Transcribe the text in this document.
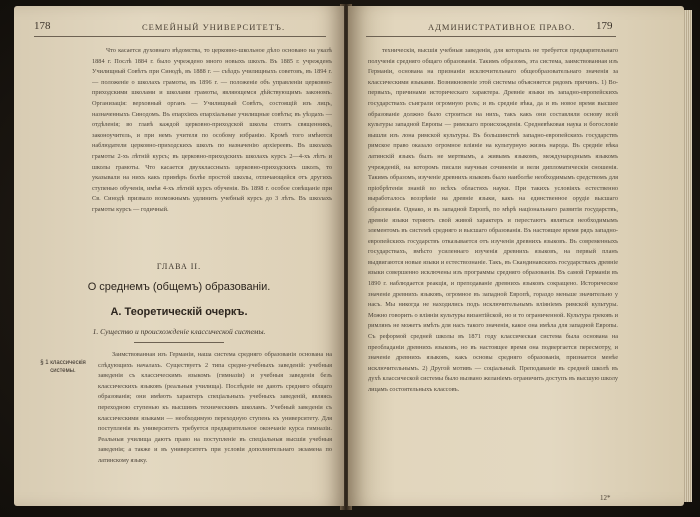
178	СЕМЕЙНЫЙ УНИВЕРСИТЕТЪ.

Что касается духовнаго вѣдомства, то церковно-школьное дѣло основано на указѣ 1884 г. Послѣ 1884 г. было учреждено много новыхъ школъ. Въ 1885 г. учрежденъ Училищный Совѣтъ при Синодѣ, въ 1888 г. — съѣздъ училищныхъ советовъ, въ 1894 г. — положеніе о школахъ грамоты, въ 1896 г. — положеніе объ управленіи церковно-приходскими школами и школами грамоты, являющемся дѣйствующимъ закономъ. Организація: верховный органъ — Училищный Совѣтъ, состоящій изъ лицъ, назначенныхъ Синодомъ. Въ епархіяхъ епархіальные училищные совѣты; въ уѣздахъ — отдѣленія; во главѣ каждой церковно-приходской школы стоитъ священникъ, законоучитель, и при немъ учителя по особому избранію. Кромѣ того имѣются наблюдатели церковно-приходскихъ школъ по назначенію архіереевъ. Въ школахъ грамоты 2-хъ лѣтній курсъ; въ церковно-приходскихъ школахъ курсъ 2—4-хъ лѣтъ и школы грамоты. Что касается двухклассныхъ церковно-приходскихъ школъ, то указывали на нихъ какъ примѣръ болѣе простой школы, отличающейся отъ другихъ ступенью обученія, имѣя 4-хъ лѣтній курсъ обученія. Въ 1898 г. особое совѣщаніе при Св. Синодѣ призвало возможнымъ удлинить учебный курсъ до 3 лѣтъ. Въ школахъ грамоты курсъ — годичный.

ГЛАВА II.
О среднемъ (общемъ) образованіи.
А. Теоретическій очеркъ.
1. Существо и происхожденіе классической системы.
§ 1 классическія системы.

Заимствованная изъ Германіи, наша система средняго образованія основана на слѣдующихъ началахъ. Существуетъ 2 типа средне-учебныхъ заведеній: учебныя заведенія съ классическимъ языкомъ (гимназіи) и учебныя заведенія безъ классическихъ языковъ (реальныя училища). Послѣдніе не даютъ средняго общаго образованія; они имѣютъ характеръ спеціальныхъ учебныхъ заведеній, являясь переходною ступенью къ высшимъ техническимъ школамъ. Учебный заведенія съ классическими языками — необходимую переходную ступень къ университету. Для поступленія въ университетъ требуется предварительное окончаніе курса гимназіи. Реальныя училища даютъ право на поступленіе въ спеціальныя высшія учебныя заведенія; а также и въ университетъ при условіи дополнительнаго экзамена по латинскому языку.

АДМИНИСТРАТИВНОЕ ПРАВО. 179

техническія, высшія учебныя заведенія, для которыхъ не требуется предварительнаго полученія средняго общаго образованія. Такимъ образомъ, эта система, заимствованная изъ Германіи, основана на признаніи исключительнаго общеобразовательнаго значенія за классическими языками. Возникновеніе этой системы объясняется рядомъ причинъ. 1) Во-первыхъ, причинами историческаго характера. Древніе языки въ западно-европейскихъ государствахъ съиграли огромную роль; и въ средніе вѣка, да и въ новое время высшее образованіе должно было строиться на нихъ, такъ какъ они составляли основу всей культуры западной Европы — римскаго происхожденія. Средневѣковая наука и богословіе вышли изъ лона римской культуры. Въ большинствѣ западно-европейскихъ государствъ римское право оказало огромное вліяніе на культурную жизнь народа. Въ средніе вѣка латинскій языкъ былъ не мертвымъ, а живымъ языкомъ, международнымъ языкомъ учрежденій, на которомъ писали научныя сочиненія и вели дипломатическія сношенія. Такимъ образомъ, изученіе древнихъ языковъ было наиболѣе необходимымъ средствомъ для пріобрѣтенія знаній во всѣхъ областяхъ науки. При такихъ условіяхъ естественно выработалось воззрѣніе на древніе языки, какъ на единственное орудіе высшаго образованія. Однако, и въ западной Европѣ, по мѣрѣ національнаго развитія государствъ, древніе языки теряютъ свой живой характеръ и перестаютъ являться необходимымъ элементомъ въ системѣ средняго и высшаго образованія. Въ настоящее время рядъ западно-европейскихъ государствъ отказывается отъ изученія древнихъ языковъ. Въ современныхъ государствахъ, вмѣсто усиленнаго изученія древнихъ языковъ, на первый планъ выдвигаются новые языки и естествознаніе. Такъ, въ Скандинавскихъ государствахъ древніе языки совершенно исключены изъ программы средняго образованія. Въ самой Германіи въ 1890 г. наблюдается реакція, и преподаваніе древнихъ языковъ сокращено. Историческое значеніе древнихъ языковъ, огромное въ западной Европѣ, гораздо меньше значительно у насъ. Мы никогда не находились подъ исключительнымъ вліяніемъ римской культуры. Можно говорить о вліяніи культуры византійской, но и то ограниченной. Культура грековъ и римлянъ не можетъ имѣть для насъ такого значенія, какое она имѣла для западной Европы. Съ реформой средней школы въ 1871 году классическая система была основана на преобладаніи древнихъ языковъ, но въ настоящее время она подвергается пересмотру, и значеніе древнихъ языковъ, какъ основы средняго образованія, признается менѣе исключительнымъ. 2) Другой мотивъ — соціальный. Преподаваніе въ средней школѣ въ духѣ классической системы было вызвано желаніемъ ограничить доступъ въ высшую школу лицамъ состоятельныхъ классовъ.

12*
